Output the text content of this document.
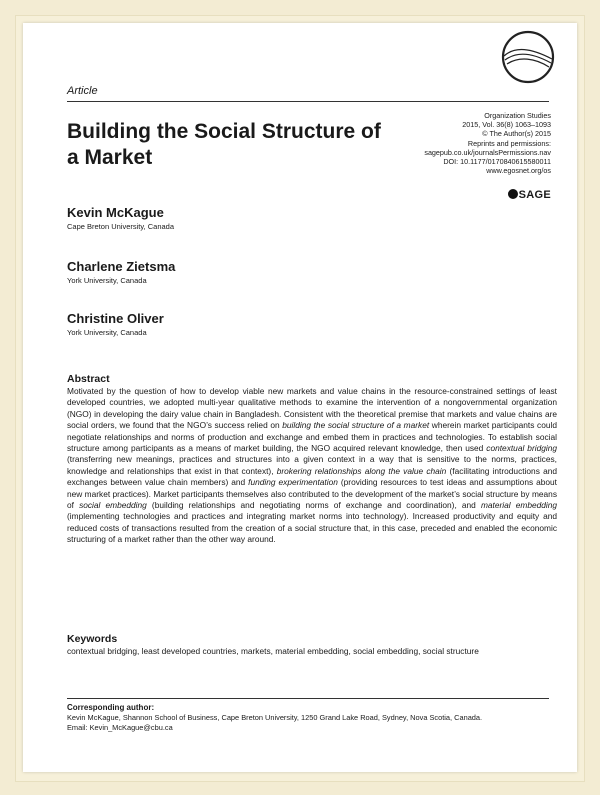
Article
Building the Social Structure of a Market
Organization Studies
2015, Vol. 36(8) 1063–1093
© The Author(s) 2015
Reprints and permissions:
sagepub.co.uk/journalsPermissions.nav
DOI: 10.1177/0170840615580011
www.egosnet.org/os
SAGE
Kevin McKague
Cape Breton University, Canada
Charlene Zietsma
York University, Canada
Christine Oliver
York University, Canada
Abstract

Motivated by the question of how to develop viable new markets and value chains in the resource-constrained settings of least developed countries, we adopted multi-year qualitative methods to examine the intervention of a nongovernmental organization (NGO) in developing the dairy value chain in Bangladesh. Consistent with the theoretical premise that markets and value chains are social orders, we found that the NGO’s success relied on building the social structure of a market wherein market participants could negotiate relationships and norms of production and exchange and embed them in practices and technologies. To establish social structure among participants as a means of market building, the NGO acquired relevant knowledge, then used contextual bridging (transferring new meanings, practices and structures into a given context in a way that is sensitive to the norms, practices, knowledge and relationships that exist in that context), brokering relationships along the value chain (facilitating introductions and exchanges between value chain members) and funding experimentation (providing resources to test ideas and assumptions about new market practices). Market participants themselves also contributed to the development of the market’s social structure by means of social embedding (building relationships and negotiating norms of exchange and coordination), and material embedding (implementing technologies and practices and integrating market norms into technology). Increased productivity and equity and reduced costs of transactions resulted from the creation of a social structure that, in this case, preceded and enabled the economic structuring of a market rather than the other way around.

Keywords

contextual bridging, least developed countries, markets, material embedding, social embedding, social structure

Corresponding author:
Kevin McKague, Shannon School of Business, Cape Breton University, 1250 Grand Lake Road, Sydney, Nova Scotia, Canada.
Email: Kevin_McKague@cbu.ca
